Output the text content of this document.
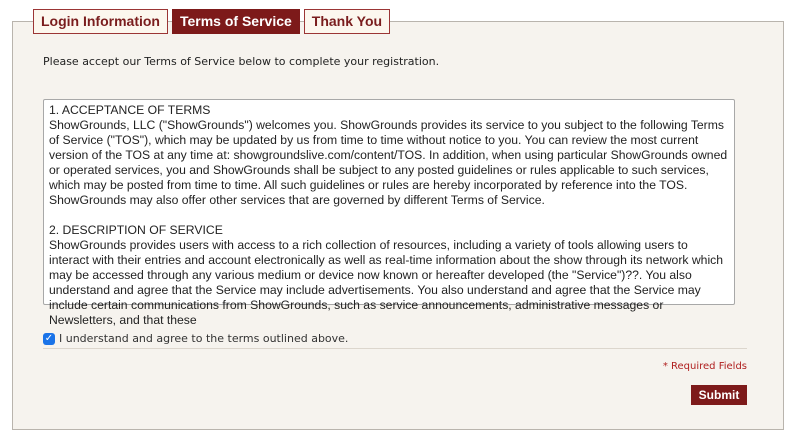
Login Information	Terms of Service	Thank You
Please accept our Terms of Service below to complete your registration.

1. ACCEPTANCE OF TERMS
ShowGrounds, LLC ("ShowGrounds") welcomes you. ShowGrounds provides its service to you subject to the following Terms of Service ("TOS"), which may be updated by us from time to time without notice to you. You can review the most current version of the TOS at any time at: showgroundslive.com/content/TOS. In addition, when using particular ShowGrounds owned or operated services, you and ShowGrounds shall be subject to any posted guidelines or rules applicable to such services, which may be posted from time to time. All such guidelines or rules are hereby incorporated by reference into the TOS. ShowGrounds may also offer other services that are governed by different Terms of Service.

2. DESCRIPTION OF SERVICE
ShowGrounds provides users with access to a rich collection of resources, including a variety of tools allowing users to interact with their entries and account electronically as well as real-time information about the show through its network which may be accessed through any various medium or device now known or hereafter developed (the "Service")??. You also understand and agree that the Service may include advertisements. You also understand and agree that the Service may include certain communications from ShowGrounds, such as service announcements, administrative messages or Newsletters, and that these

✓ I understand and agree to the terms outlined above.
* Required Fields
Submit
